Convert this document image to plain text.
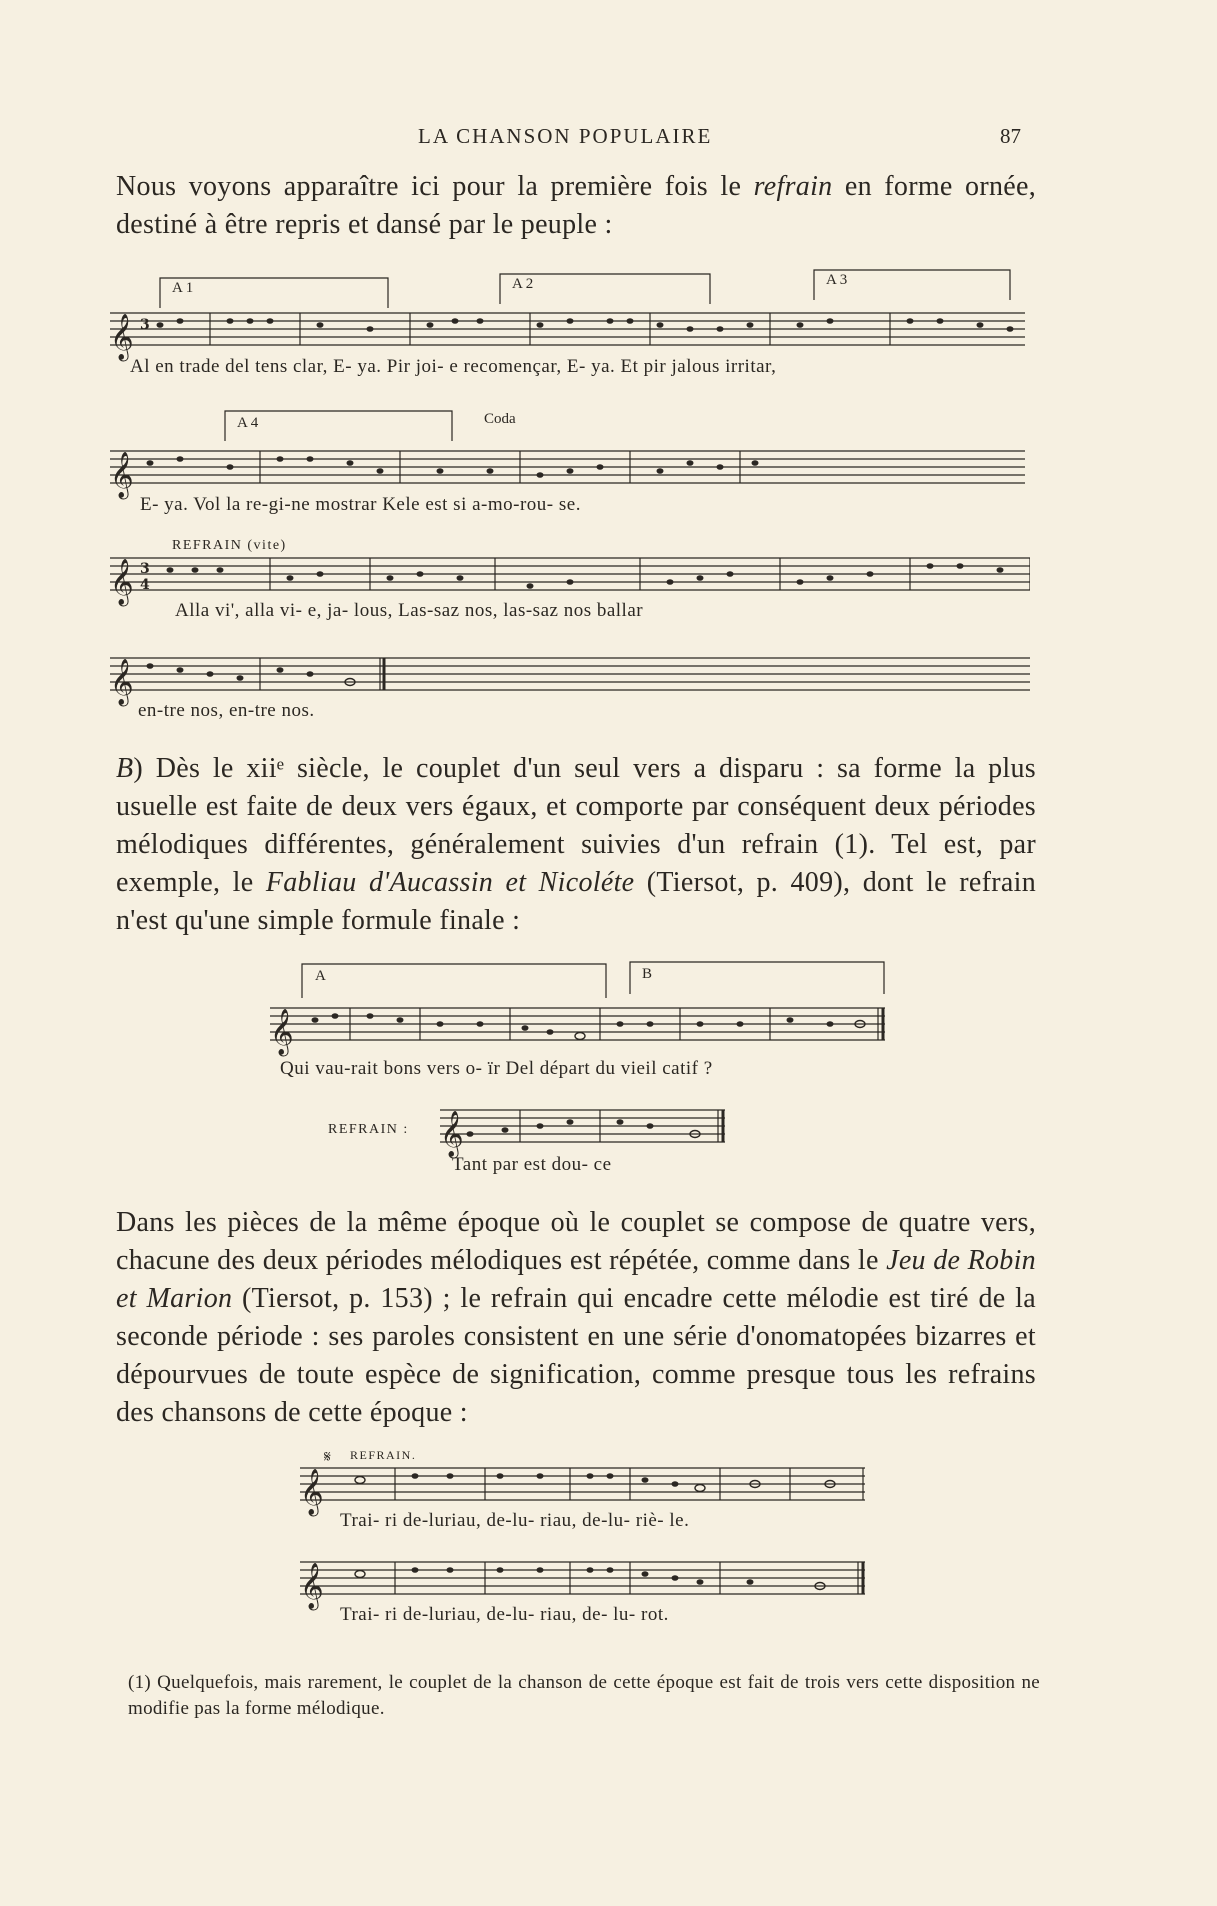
LA CHANSON POPULAIRE	87
Nous voyons apparaître ici pour la première fois le refrain en forme ornée, destiné à être repris et dansé par le peuple :
𝄞
𝄞
𝄞
𝄞
3
3
4
A 1	A 2	A 3
A 4	Coda
Al en trade del tens clar, E- ya. Pir joi- e recomençar, E- ya. Et pir jalous irritar,
E- ya. Vol la re-gi-ne mostrar Kele est si a-mo-rou- se.
REFRAIN (vite)
Alla vi', alla vi- e, ja- lous, Las-saz nos, las-saz nos ballar
en-tre nos, en-tre nos.
B) Dès le xiiᵉ siècle, le couplet d'un seul vers a disparu : sa forme la plus usuelle est faite de deux vers égaux, et comporte par conséquent deux périodes mélodiques différentes, généralement suivies d'un refrain (1). Tel est, par exemple, le Fabliau d'Aucassin et Nicoléte (Tiersot, p. 409), dont le refrain n'est qu'une simple formule finale :
𝄞
𝄞
A	B
Qui vau-rait bons vers o- ïr Del départ du vieil catif ?
REFRAIN :
Tant par est dou- ce
Dans les pièces de la même époque où le couplet se compose de quatre vers, chacune des deux périodes mélodiques est répétée, comme dans le Jeu de Robin et Marion (Tiersot, p. 153) ; le refrain qui encadre cette mélodie est tiré de la seconde période : ses paroles consistent en une série d'onomatopées bizarres et dépourvues de toute espèce de signification, comme presque tous les refrains des chansons de cette époque :
𝄞
𝄞
𝄋 REFRAIN.
Trai- ri de-luriau, de-lu- riau, de-lu- riè- le.
Trai- ri de-luriau, de-lu- riau, de- lu- rot.
(1) Quelquefois, mais rarement, le couplet de la chanson de cette époque est fait de trois vers cette disposition ne modifie pas la forme mélodique.
